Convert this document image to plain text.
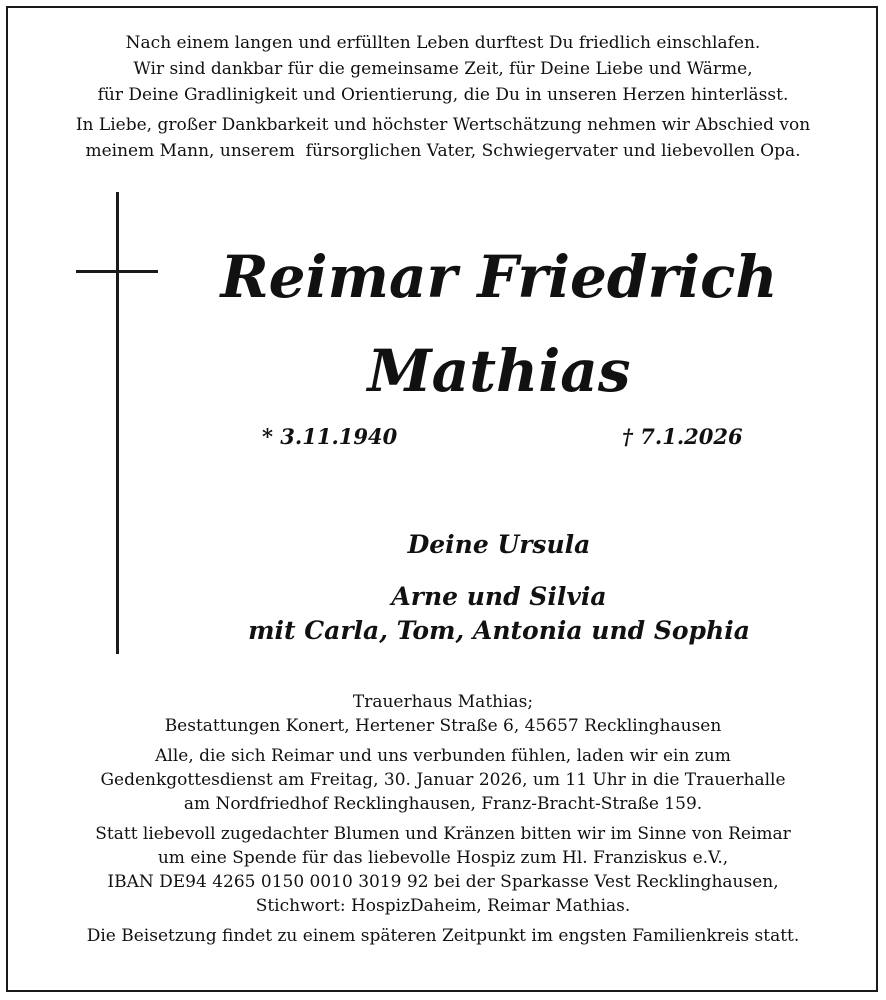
Nach einem langen und erfüllten Leben durftest Du friedlich einschlafen.
Wir sind dankbar für die gemeinsame Zeit, für Deine Liebe und Wärme,
für Deine Gradlinigkeit und Orientierung, die Du in unseren Herzen hinterlässt.

In Liebe, großer Dankbarkeit und höchster Wertschätzung nehmen wir Abschied von
meinem Mann, unserem  fürsorglichen Vater, Schwiegervater und liebevollen Opa.

Reimar Friedrich
Mathias
* 3.11.1940	† 7.1.2026
Deine Ursula
Arne und Silvia
mit Carla, Tom, Antonia und Sophia

Trauerhaus Mathias;
Bestattungen Konert, Hertener Straße 6, 45657 Recklinghausen

Alle, die sich Reimar und uns verbunden fühlen, laden wir ein zum
Gedenkgottesdienst am Freitag, 30. Januar 2026, um 11 Uhr in die Trauerhalle
am Nordfriedhof Recklinghausen, Franz-Bracht-Straße 159.

Statt liebevoll zugedachter Blumen und Kränzen bitten wir im Sinne von Reimar
um eine Spende für das liebevolle Hospiz zum Hl. Franziskus e.V.,
IBAN DE94 4265 0150 0010 3019 92 bei der Sparkasse Vest Recklinghausen,
Stichwort: HospizDaheim, Reimar Mathias.

Die Beisetzung findet zu einem späteren Zeitpunkt im engsten Familienkreis statt.
